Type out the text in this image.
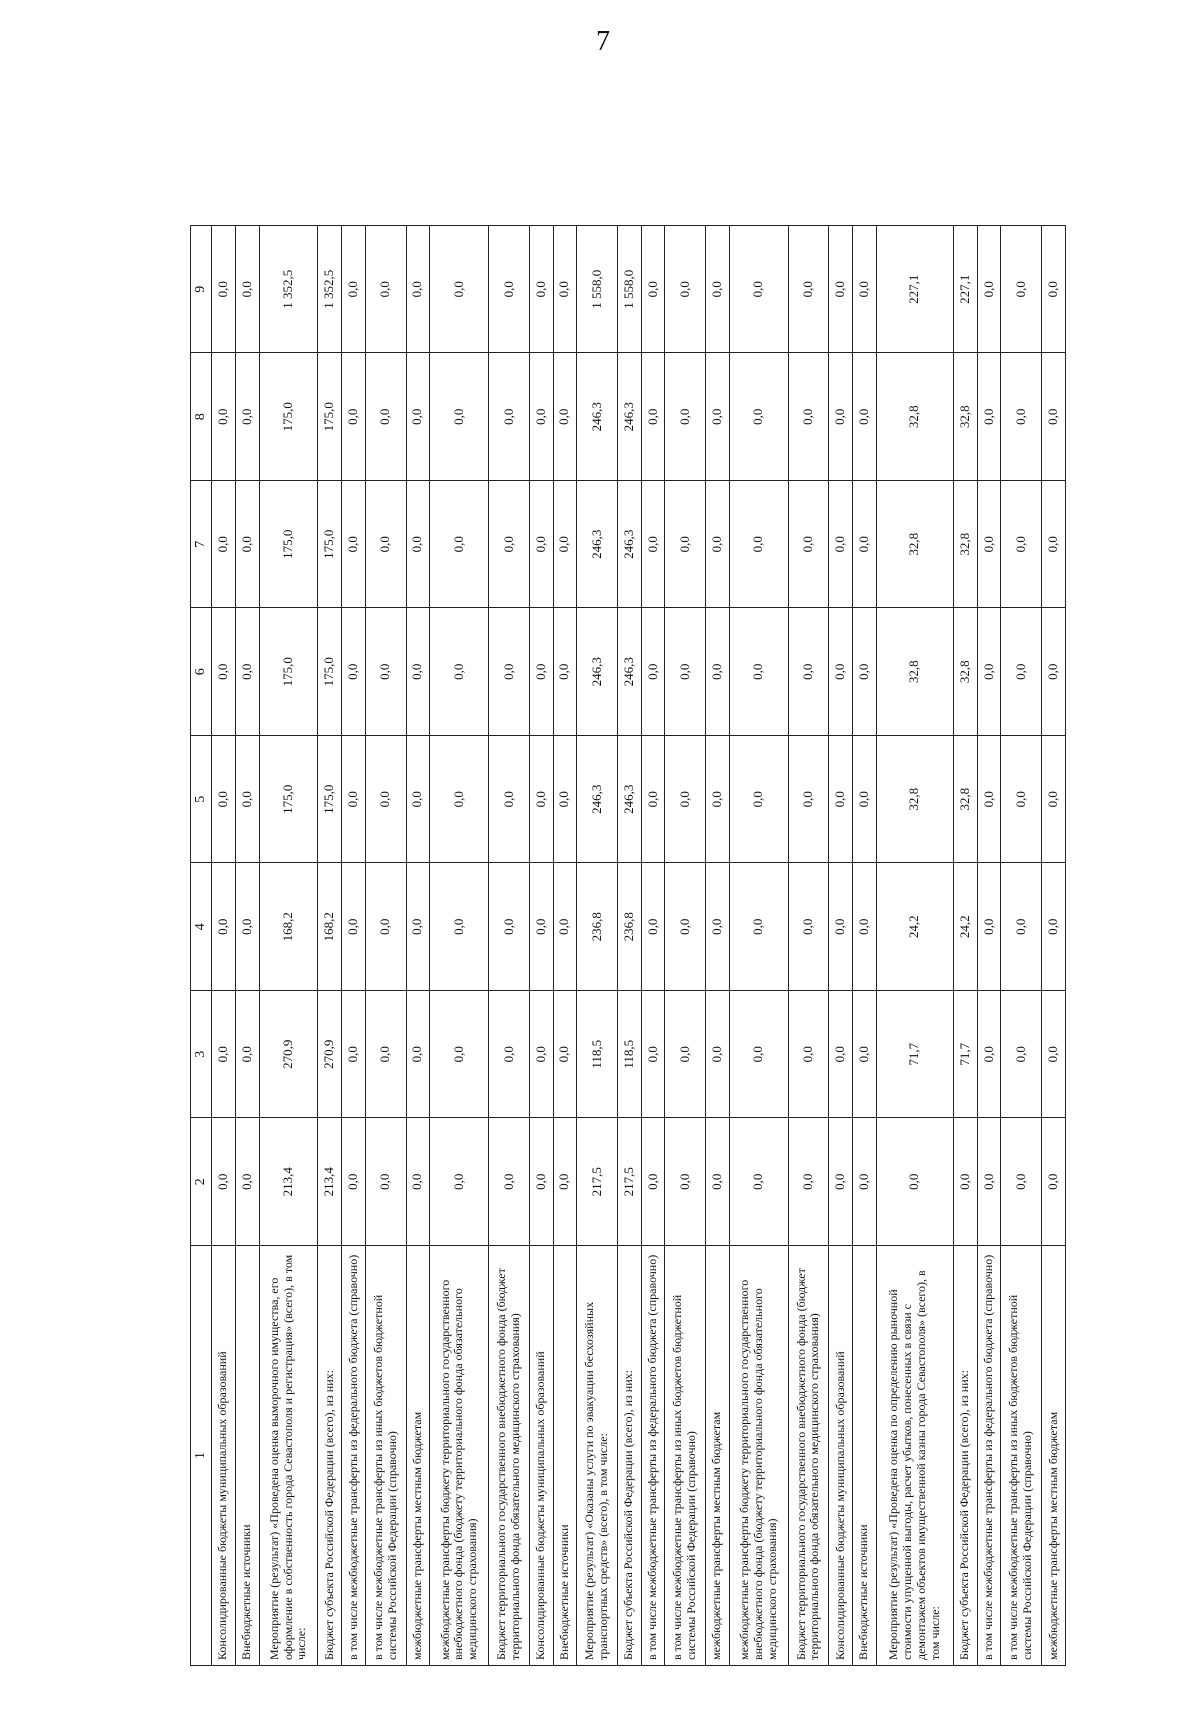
7
1	2	3	4	5	6	7	8	9
Консолидированные бюджеты муниципальных образований	0,0	0,0	0,0	0,0	0,0	0,0	0,0	0,0
Внебюджетные источники	0,0	0,0	0,0	0,0	0,0	0,0	0,0	0,0
Мероприятие (результат) «Проведена оценка выморочного имущества, его оформление в собственность города Севастополя и регистрация» (всего), в том числе:	213,4	270,9	168,2	175,0	175,0	175,0	175,0	1 352,5
Бюджет субъекта Российской Федерации (всего), из них:	213,4	270,9	168,2	175,0	175,0	175,0	175,0	1 352,5
в том числе межбюджетные трансферты из федерального бюджета (справочно)	0,0	0,0	0,0	0,0	0,0	0,0	0,0	0,0
в том числе межбюджетные трансферты из иных бюджетов бюджетной системы Российской Федерации (справочно)	0,0	0,0	0,0	0,0	0,0	0,0	0,0	0,0
межбюджетные трансферты местным бюджетам	0,0	0,0	0,0	0,0	0,0	0,0	0,0	0,0
межбюджетные трансферты бюджету территориального государственного внебюджетного фонда (бюджету территориального фонда обязательного медицинского страхования)	0,0	0,0	0,0	0,0	0,0	0,0	0,0	0,0
Бюджет территориального государственного внебюджетного фонда (бюджет территориального фонда обязательного медицинского страхования)	0,0	0,0	0,0	0,0	0,0	0,0	0,0	0,0
Консолидированные бюджеты муниципальных образований	0,0	0,0	0,0	0,0	0,0	0,0	0,0	0,0
Внебюджетные источники	0,0	0,0	0,0	0,0	0,0	0,0	0,0	0,0
Мероприятие (результат) «Оказаны услуги по эвакуации бесхозяйных транспортных средств» (всего), в том числе:	217,5	118,5	236,8	246,3	246,3	246,3	246,3	1 558,0
Бюджет субъекта Российской Федерации (всего), из них:	217,5	118,5	236,8	246,3	246,3	246,3	246,3	1 558,0
в том числе межбюджетные трансферты из федерального бюджета (справочно)	0,0	0,0	0,0	0,0	0,0	0,0	0,0	0,0
в том числе межбюджетные трансферты из иных бюджетов бюджетной системы Российской Федерации (справочно)	0,0	0,0	0,0	0,0	0,0	0,0	0,0	0,0
межбюджетные трансферты местным бюджетам	0,0	0,0	0,0	0,0	0,0	0,0	0,0	0,0
межбюджетные трансферты бюджету территориального государственного внебюджетного фонда (бюджету территориального фонда обязательного медицинского страхования)	0,0	0,0	0,0	0,0	0,0	0,0	0,0	0,0
Бюджет территориального государственного внебюджетного фонда (бюджет территориального фонда обязательного медицинского страхования)	0,0	0,0	0,0	0,0	0,0	0,0	0,0	0,0
Консолидированные бюджеты муниципальных образований	0,0	0,0	0,0	0,0	0,0	0,0	0,0	0,0
Внебюджетные источники	0,0	0,0	0,0	0,0	0,0	0,0	0,0	0,0
Мероприятие (результат) «Проведена оценка по определению рыночной стоимости упущенной выгоды, расчет убытков, понесенных в связи с демонтажем объектов имущественной казны города Севастополя» (всего), в том числе:	0,0	71,7	24,2	32,8	32,8	32,8	32,8	227,1
Бюджет субъекта Российской Федерации (всего), из них:	0,0	71,7	24,2	32,8	32,8	32,8	32,8	227,1
в том числе межбюджетные трансферты из федерального бюджета (справочно)	0,0	0,0	0,0	0,0	0,0	0,0	0,0	0,0
в том числе межбюджетные трансферты из иных бюджетов бюджетной системы Российской Федерации (справочно)	0,0	0,0	0,0	0,0	0,0	0,0	0,0	0,0
межбюджетные трансферты местным бюджетам	0,0	0,0	0,0	0,0	0,0	0,0	0,0	0,0
